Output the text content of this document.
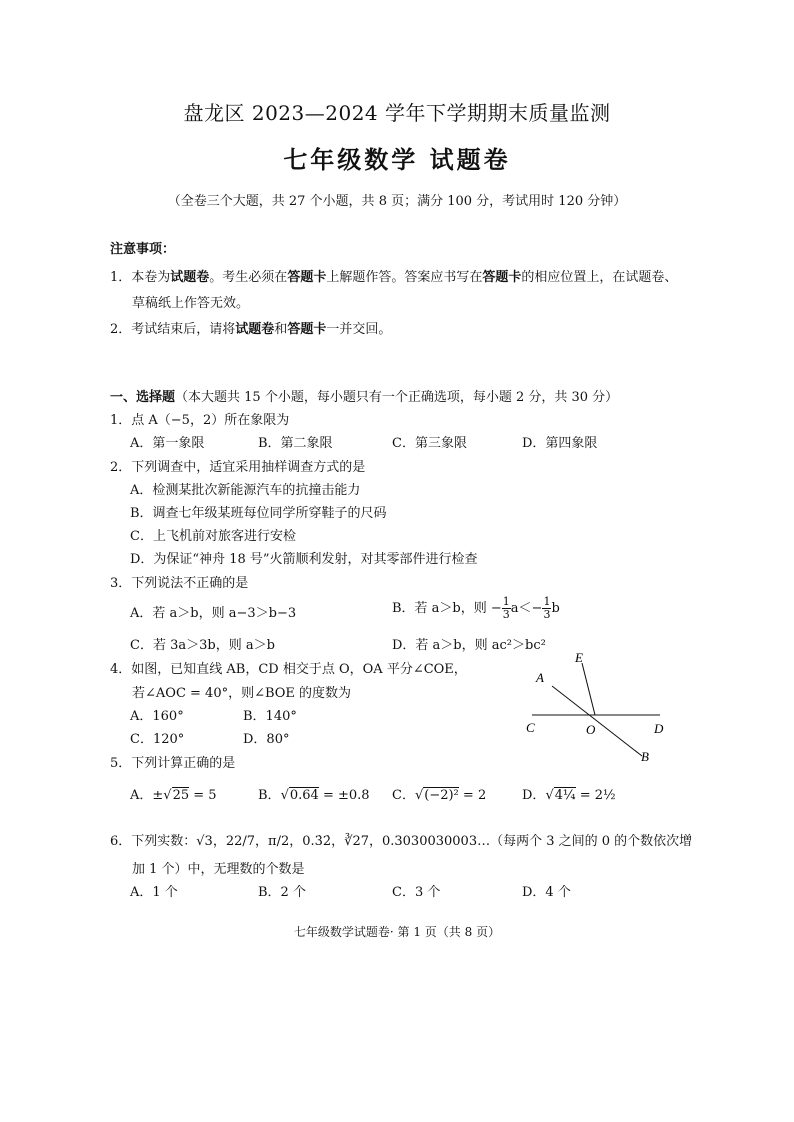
盘龙区 2023—2024 学年下学期期末质量监测
七年级数学 试题卷
（全卷三个大题，共 27 个小题，共 8 页；满分 100 分，考试用时 120 分钟）
注意事项：
1．本卷为试题卷。考生必须在答题卡上解题作答。答案应书写在答题卡的相应位置上，在试题卷、
草稿纸上作答无效。
2．考试结束后，请将试题卷和答题卡一并交回。
一、选择题（本大题共 15 个小题，每小题只有一个正确选项，每小题 2 分，共 30 分）
1．点 A（−5，2）所在象限为
A．第一象限	B．第二象限	C．第三象限	D．第四象限
2．下列调查中，适宜采用抽样调查方式的是
A．检测某批次新能源汽车的抗撞击能力
B．调查七年级某班每位同学所穿鞋子的尺码
C．上飞机前对旅客进行安检
D．为保证“神舟 18 号”火箭顺利发射，对其零部件进行检查
3．下列说法不正确的是
A．若 a＞b，则 a−3＞b−3	B．若 a＞b，则 − $\frac{1}{3} a<- \frac{1}{3}$ b
C．若 3a＞3b，则 a＞b	D．若 a＞b，则 ac²＞bc²
4．如图，已知直线 AB，CD 相交于点 O，OA 平分∠COE，
若∠AOC = 40°，则∠BOE 的度数为
A．160°	B．140°
C．120°	D．80°
E
A
C	O	D
B
5．下列计算正确的是
A．±√25 = 5	B．√0.64 = ±0.8 C．√(−2)² = 2	D．√4¼ = 2½
6．下列实数：√3，22/7，π/2，0.3̇2̇，∛27，0.3030030003…（每两个 3 之间的 0 的个数依次增
加 1 个）中，无理数的个数是
A．1 个	B．2 个	C．3 个	D．4 个
七年级数学试题卷· 第 1 页（共 8 页）
